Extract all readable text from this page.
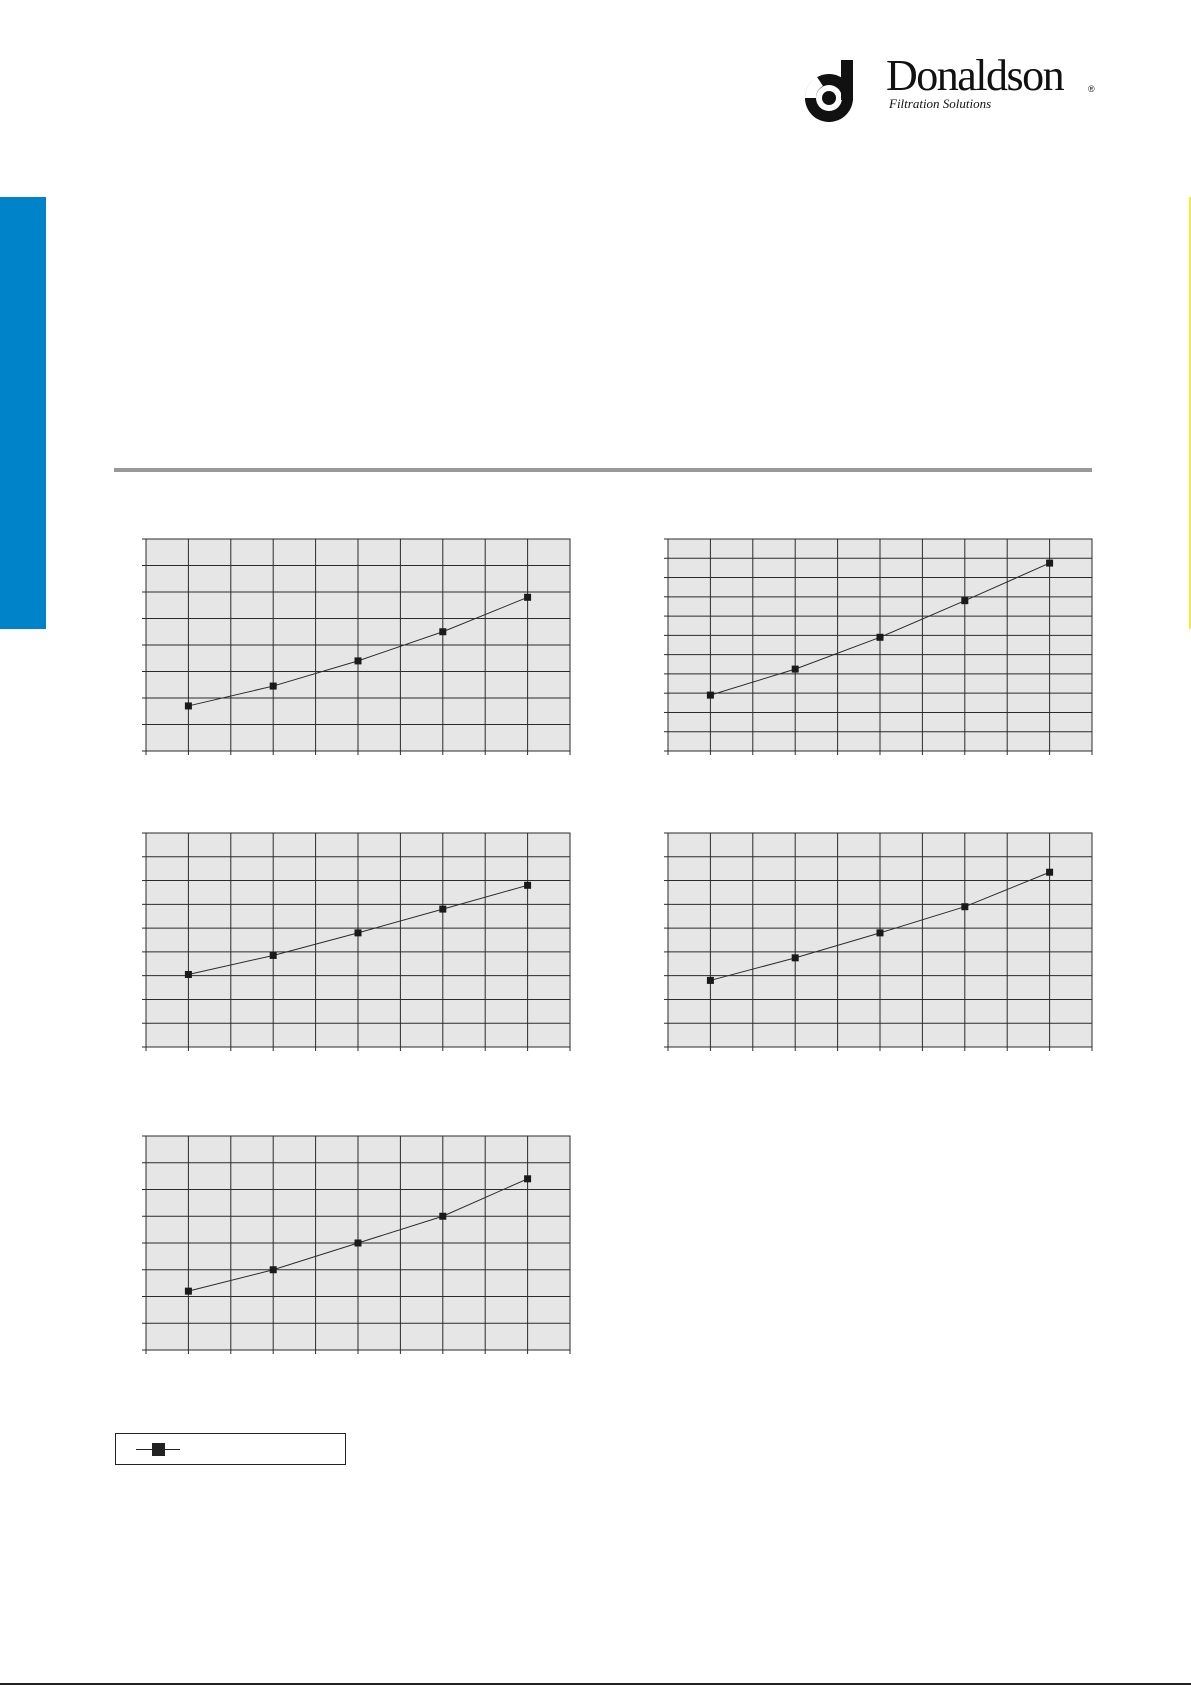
Donaldson	®
Filtration Solutions
